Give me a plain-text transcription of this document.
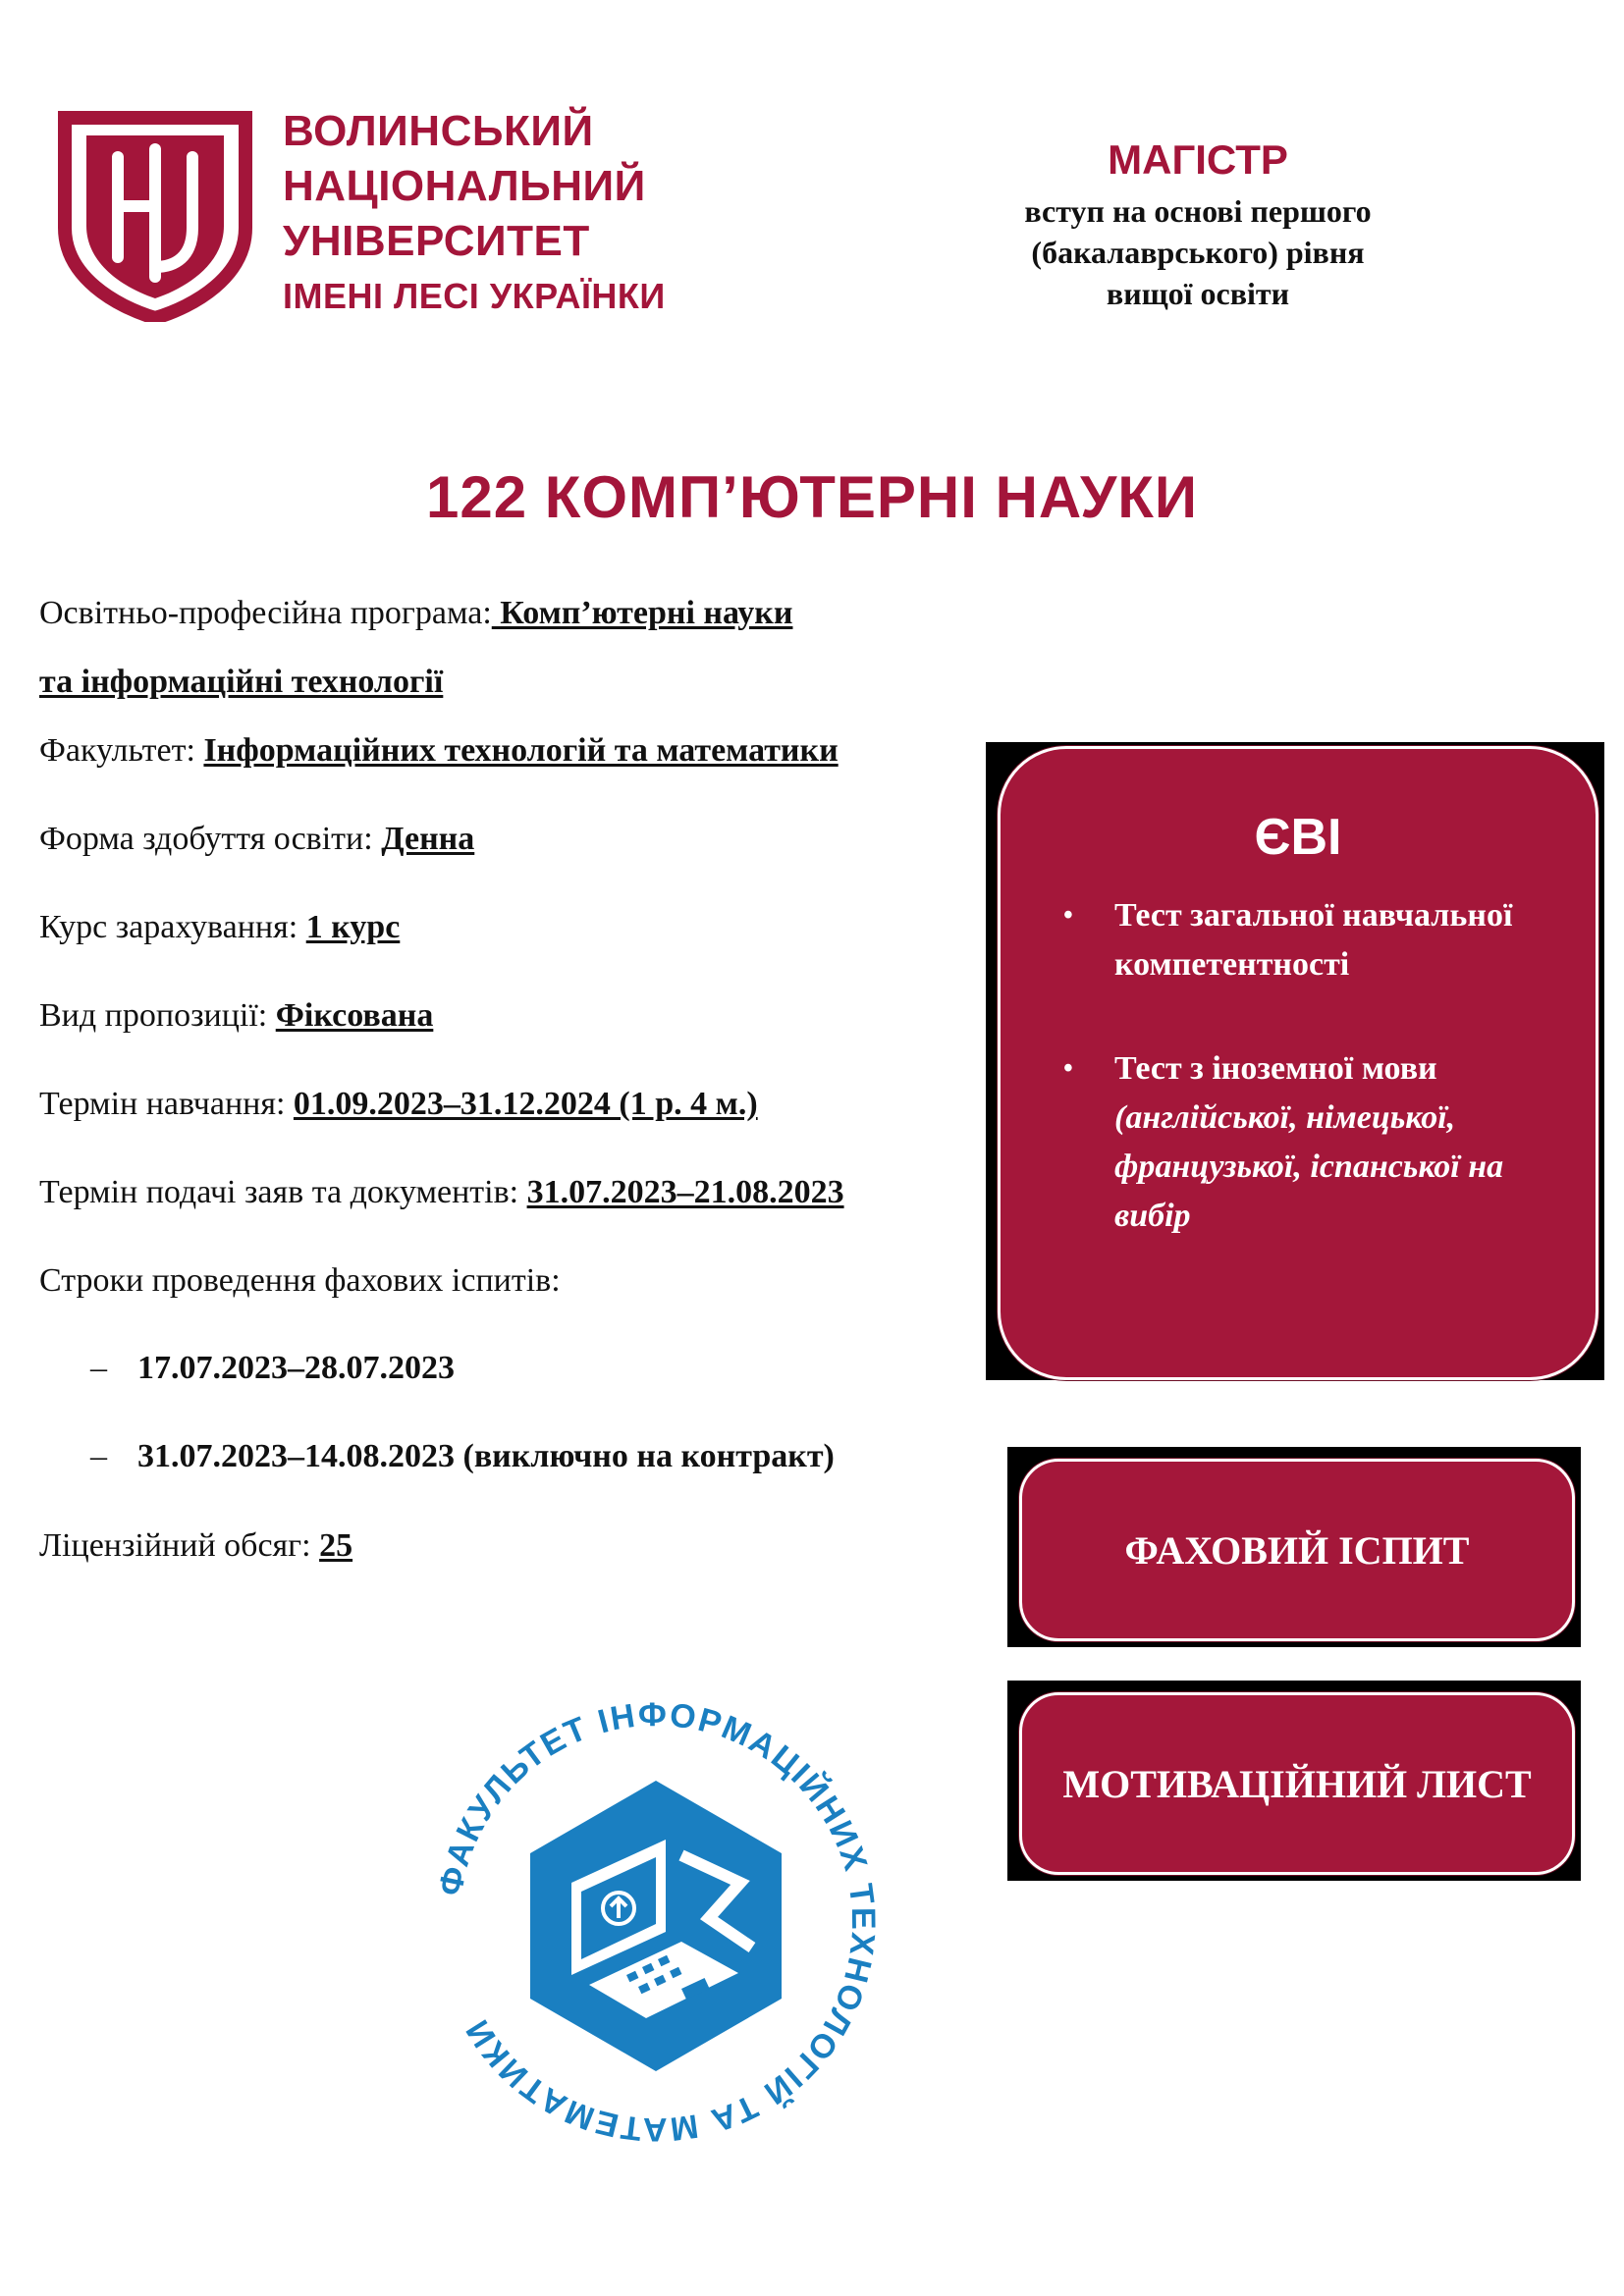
ВОЛИНСЬКИЙ
НАЦІОНАЛЬНИЙ
УНІВЕРСИТЕТ
ІМЕНІ ЛЕСІ УКРАЇНКИ
МАГІСТР
вступ на основі першого
(бакалаврського) рівня
вищої освіти
122 КОМП’ЮТЕРНІ НАУКИ
Освітньо-професійна програма: Комп’ютерні науки
та інформаційні технології
Факультет: Інформаційних технологій та математики
Форма здобуття освіти: Денна
Курс зарахування: 1 курс
Вид пропозиції: Фіксована
Термін навчання: 01.09.2023–31.12.2024 (1 р. 4 м.)
Термін подачі заяв та документів: 31.07.2023–21.08.2023
Строки проведення фахових іспитів:
– 17.07.2023–28.07.2023
– 31.07.2023–14.08.2023 (виключно на контракт)
Ліцензійний обсяг: 25
ЄВІ
• Тест загальної навчальної компетентності
• Тест з іноземної мови (англійської, німецької, французької, іспанської на вибір
ФАХОВИЙ ІСПИТ
МОТИВАЦІЙНИЙ ЛИСТ
ФАКУЛЬТЕТ ІНФОРМАЦІЙНИХ ТЕХНОЛОГІЙ ТА МАТЕМАТИКИ
